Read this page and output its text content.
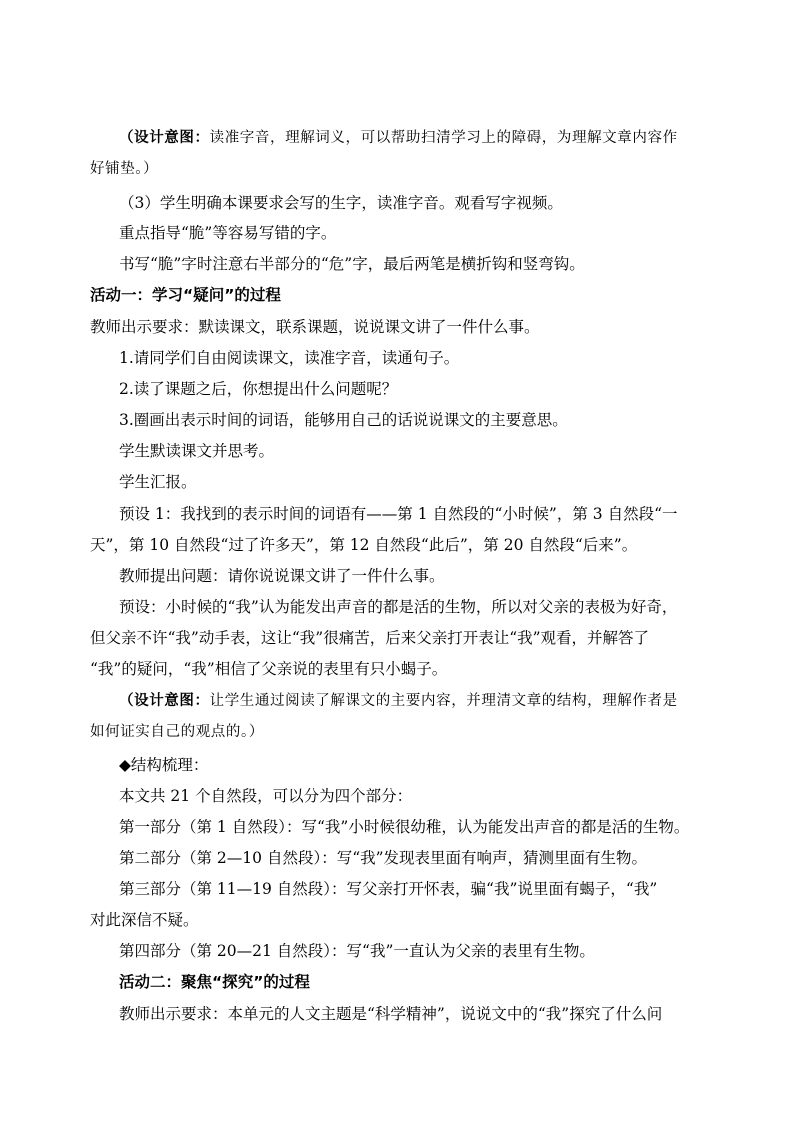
（设计意图：读准字音，理解词义，可以帮助扫清学习上的障碍，为理解文章内容作
好铺垫。）
（3）学生明确本课要求会写的生字，读准字音。观看写字视频。
重点指导“脆”等容易写错的字。
书写“脆”字时注意右半部分的“危”字，最后两笔是横折钩和竖弯钩。
活动一：学习“疑问”的过程
教师出示要求：默读课文，联系课题，说说课文讲了一件什么事。
1.请同学们自由阅读课文，读准字音，读通句子。
2.读了课题之后，你想提出什么问题呢？
3.圈画出表示时间的词语，能够用自己的话说说课文的主要意思。
学生默读课文并思考。
学生汇报。
预设 1：我找到的表示时间的词语有——第 1 自然段的“小时候”，第 3 自然段“一
天”，第 10 自然段“过了许多天”，第 12 自然段“此后”，第 20 自然段“后来”。
教师提出问题：请你说说课文讲了一件什么事。
预设：小时候的“我”认为能发出声音的都是活的生物，所以对父亲的表极为好奇，
但父亲不许“我”动手表，这让“我”很痛苦，后来父亲打开表让“我”观看，并解答了
“我”的疑问，“我”相信了父亲说的表里有只小蝎子。
（设计意图：让学生通过阅读了解课文的主要内容，并理清文章的结构，理解作者是
如何证实自己的观点的。）
◆结构梳理：
本文共 21 个自然段，可以分为四个部分：
第一部分（第 1 自然段）：写“我”小时候很幼稚，认为能发出声音的都是活的生物。
第二部分（第 2—10 自然段）：写“我”发现表里面有响声，猜测里面有生物。
第三部分（第 11—19 自然段）：写父亲打开怀表，骗“我”说里面有蝎子，“我”
对此深信不疑。
第四部分（第 20—21 自然段）：写“我”一直认为父亲的表里有生物。
活动二：聚焦“探究”的过程
教师出示要求：本单元的人文主题是“科学精神”，说说文中的“我”探究了什么问
